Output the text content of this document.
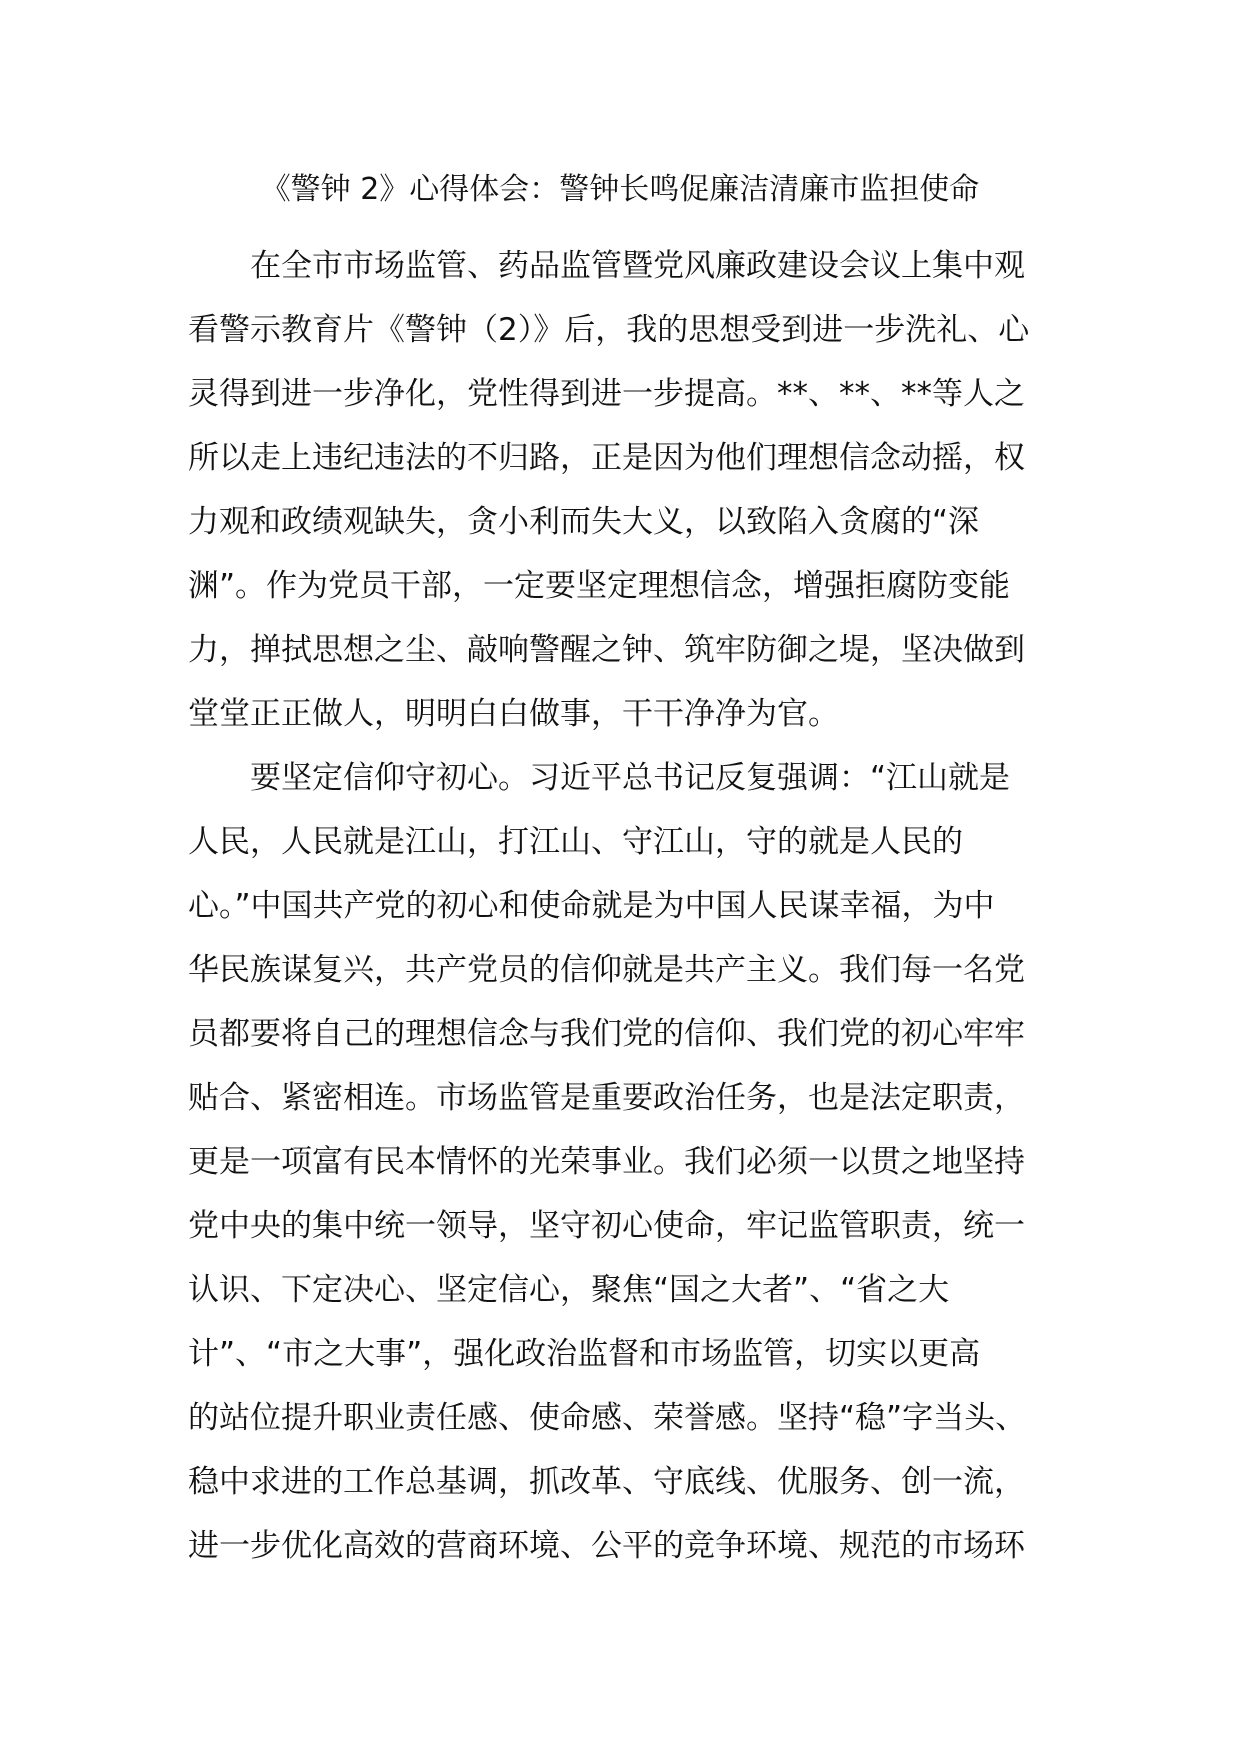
《警钟 2》心得体会：警钟长鸣促廉洁清廉市监担使命
在全市市场监管、药品监管暨党风廉政建设会议上集中观
看警示教育片《警钟（2）》后，我的思想受到进一步洗礼、心
灵得到进一步净化，党性得到进一步提高。**、**、**等人之
所以走上违纪违法的不归路，正是因为他们理想信念动摇，权
力观和政绩观缺失，贪小利而失大义，以致陷入贪腐的“深
渊”。作为党员干部，一定要坚定理想信念，增强拒腐防变能
力，掸拭思想之尘、敲响警醒之钟、筑牢防御之堤，坚决做到
堂堂正正做人，明明白白做事，干干净净为官。
要坚定信仰守初心。习近平总书记反复强调：“江山就是
人民，人民就是江山，打江山、守江山，守的就是人民的
心。”中国共产党的初心和使命就是为中国人民谋幸福，为中
华民族谋复兴，共产党员的信仰就是共产主义。我们每一名党
员都要将自己的理想信念与我们党的信仰、我们党的初心牢牢
贴合、紧密相连。市场监管是重要政治任务，也是法定职责，
更是一项富有民本情怀的光荣事业。我们必须一以贯之地坚持
党中央的集中统一领导，坚守初心使命，牢记监管职责，统一
认识、下定决心、坚定信心，聚焦“国之大者”、“省之大
计”、“市之大事”，强化政治监督和市场监管，切实以更高
的站位提升职业责任感、使命感、荣誉感。坚持“稳”字当头、
稳中求进的工作总基调，抓改革、守底线、优服务、创一流，
进一步优化高效的营商环境、公平的竞争环境、规范的市场环
